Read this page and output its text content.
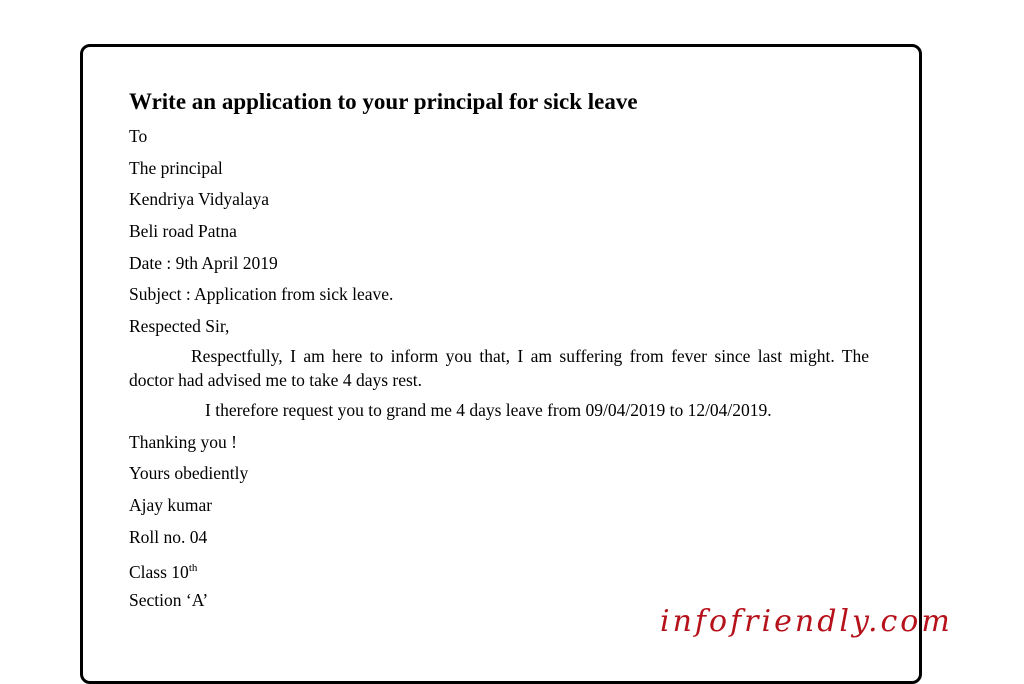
Write an application to your principal for sick leave
To
The principal
Kendriya Vidyalaya
Beli road Patna
Date : 9th April 2019
Subject : Application from sick leave.
Respected Sir,
Respectfully, I am here to inform you that, I am suffering from fever since last might. The doctor had advised me to take 4 days rest.
I therefore request you to grand me 4 days leave from 09/04/2019 to 12/04/2019.
Thanking you !
Yours obediently
Ajay kumar
Roll no. 04
Class 10th
Section ‘A’
infofriendly.com
